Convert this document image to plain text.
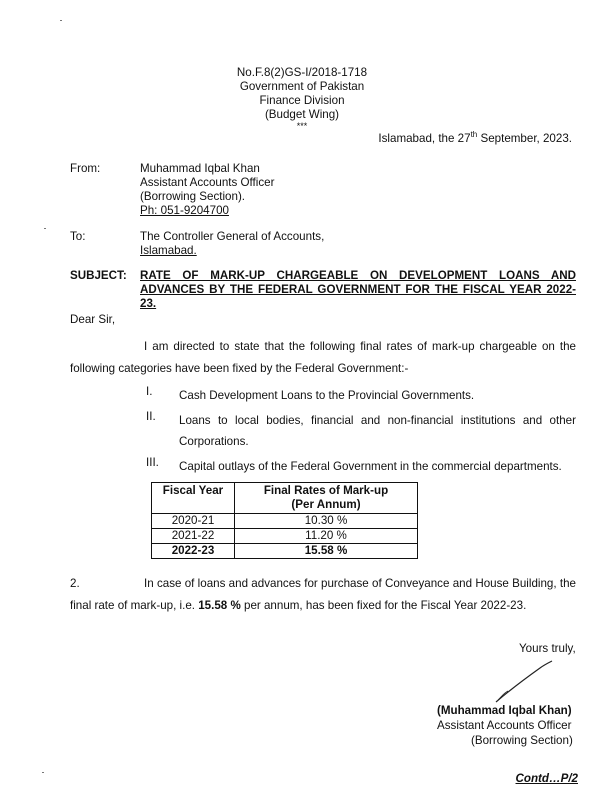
No.F.8(2)GS-I/2018-1718
Government of Pakistan
Finance Division
(Budget Wing)
***
Islamabad, the 27th September, 2023.
From:	Muhammad Iqbal Khan
Assistant Accounts Officer
(Borrowing Section).
Ph: 051-9204700
To:	The Controller General of Accounts,
Islamabad.
SUBJECT: RATE OF MARK-UP CHARGEABLE ON DEVELOPMENT LOANS AND ADVANCES BY THE FEDERAL GOVERNMENT FOR THE FISCAL YEAR 2022-23.
Dear Sir,
I am directed to state that the following final rates of mark-up chargeable on the following categories have been fixed by the Federal Government:-
I.	Cash Development Loans to the Provincial Governments.
II.	Loans to local bodies, financial and non-financial institutions and other Corporations.
III.	Capital outlays of the Federal Government in the commercial departments.
Fiscal Year	Final Rates of Mark-up
(Per Annum)

2020-21	10.30 %
2021-22	11.20 %
2022-23	15.58 %
2.	In case of loans and advances for purchase of Conveyance and House Building, the final rate of mark-up, i.e. 15.58 % per annum, has been fixed for the Fiscal Year 2022-23.
Yours truly,
(Muhammad Iqbal Khan)
Assistant Accounts Officer
(Borrowing Section)
Contd…P/2
